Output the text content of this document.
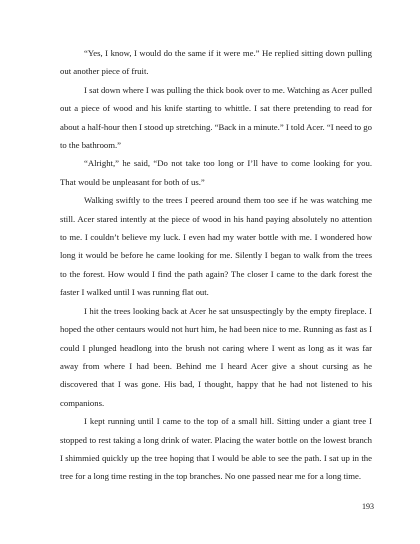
“Yes, I know, I would do the same if it were me.” He replied sitting down pulling out another piece of fruit.

I sat down where I was pulling the thick book over to me. Watching as Acer pulled out a piece of wood and his knife starting to whittle. I sat there pretending to read for about a half-hour then I stood up stretching. “Back in a minute.” I told Acer. “I need to go to the bathroom.”

“Alright,” he said, “Do not take too long or I’ll have to come looking for you. That would be unpleasant for both of us.”

Walking swiftly to the trees I peered around them too see if he was watching me still. Acer stared intently at the piece of wood in his hand paying absolutely no attention to me. I couldn’t believe my luck. I even had my water bottle with me. I wondered how long it would be before he came looking for me. Silently I began to walk from the trees to the forest. How would I find the path again? The closer I came to the dark forest the faster I walked until I was running flat out.

I hit the trees looking back at Acer he sat unsuspectingly by the empty fireplace. I hoped the other centaurs would not hurt him, he had been nice to me. Running as fast as I could I plunged headlong into the brush not caring where I went as long as it was far away from where I had been. Behind me I heard Acer give a shout cursing as he discovered that I was gone. His bad, I thought, happy that he had not listened to his companions.

I kept running until I came to the top of a small hill. Sitting under a giant tree I stopped to rest taking a long drink of water. Placing the water bottle on the lowest branch I shimmied quickly up the tree hoping that I would be able to see the path. I sat up in the tree for a long time resting in the top branches. No one passed near me for a long time.

193
